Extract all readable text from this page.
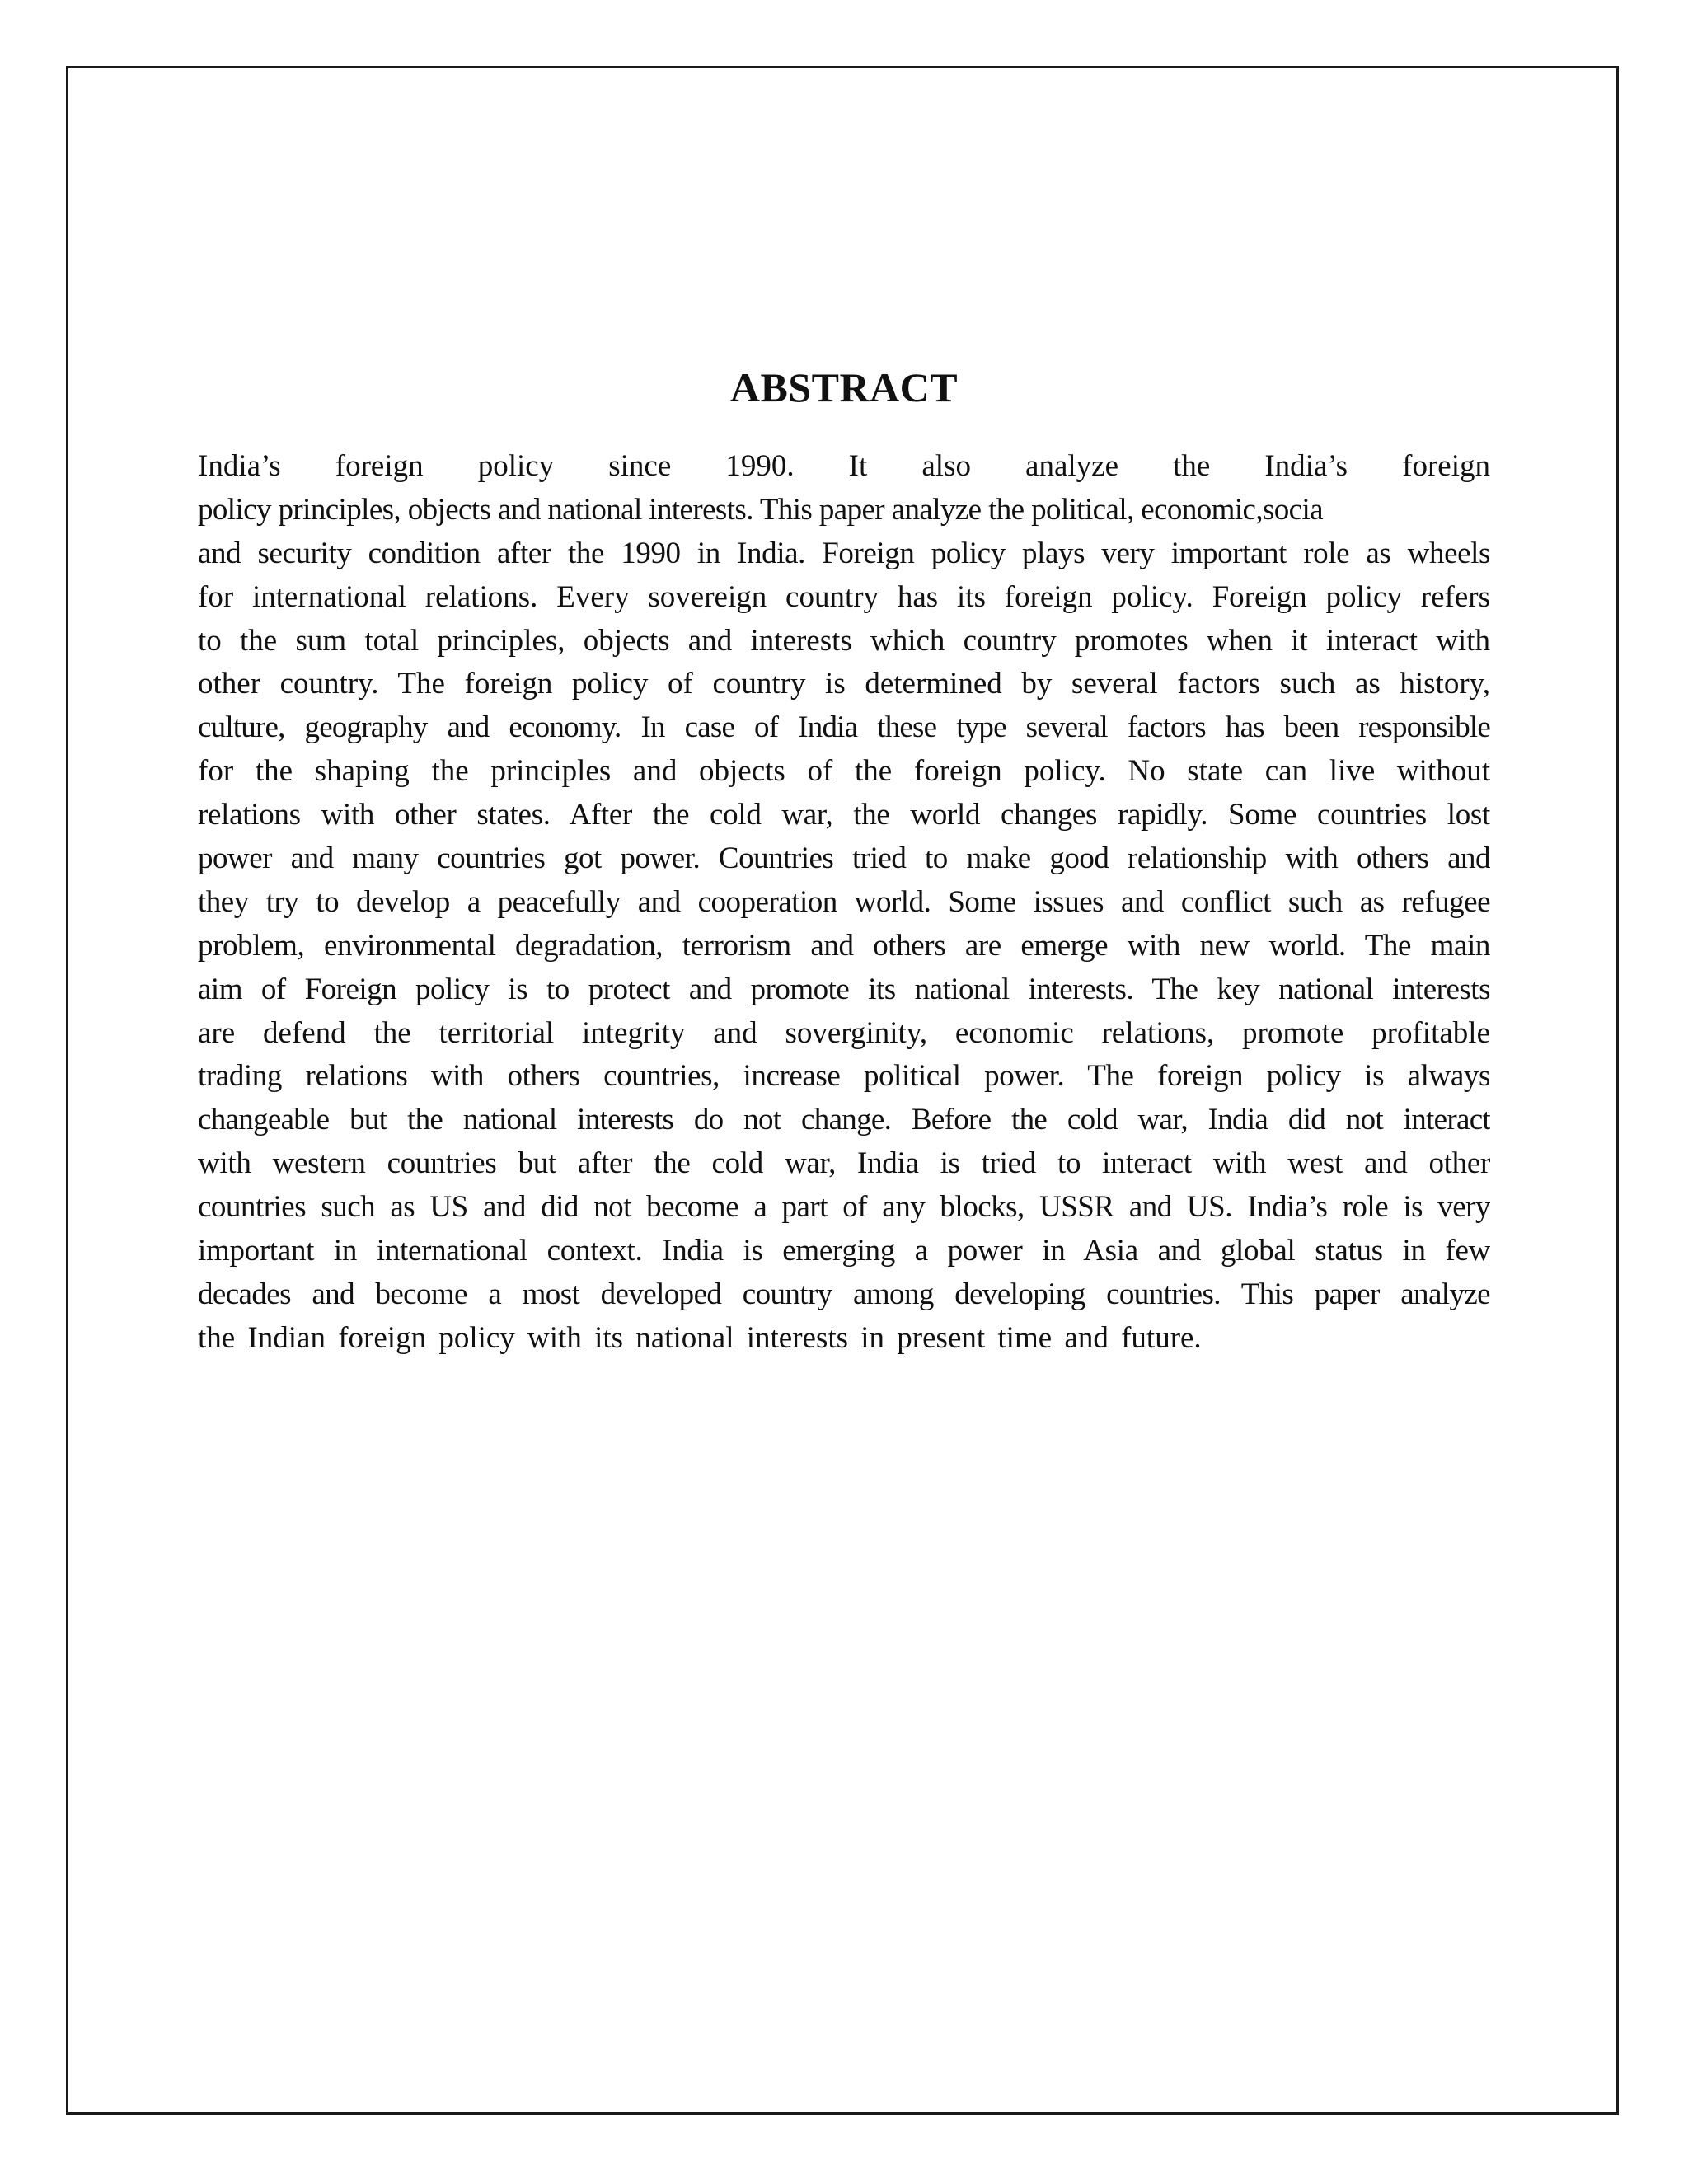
ABSTRACT
India’s foreign policy since 1990. It also analyze the India’s foreign
policy principles, objects and national interests. This paper analyze the political, economic,socia
and security condition after the 1990 in India. Foreign policy plays very important role as wheels
for international relations. Every sovereign country has its foreign policy. Foreign policy refers
to the sum total principles, objects and interests which country promotes when it interact with
other country. The foreign policy of country is determined by several factors such as history,
culture, geography and economy. In case of India these type several factors has been responsible
for the shaping the principles and objects of the foreign policy. No state can live without
relations with other states. After the cold war, the world changes rapidly. Some countries lost
power and many countries got power. Countries tried to make good relationship with others and
they try to develop a peacefully and cooperation world. Some issues and conflict such as refugee
problem, environmental degradation, terrorism and others are emerge with new world. The main
aim of Foreign policy is to protect and promote its national interests. The key national interests
are defend the territorial integrity and soverginity, economic relations, promote profitable
trading relations with others countries, increase political power. The foreign policy is always
changeable but the national interests do not change. Before the cold war, India did not interact
with western countries but after the cold war, India is tried to interact with west and other
countries such as US and did not become a part of any blocks, USSR and US. India’s role is very
important in international context. India is emerging a power in Asia and global status in few
decades and become a most developed country among developing countries. This paper analyze
the Indian foreign policy with its national interests in present time and future.
